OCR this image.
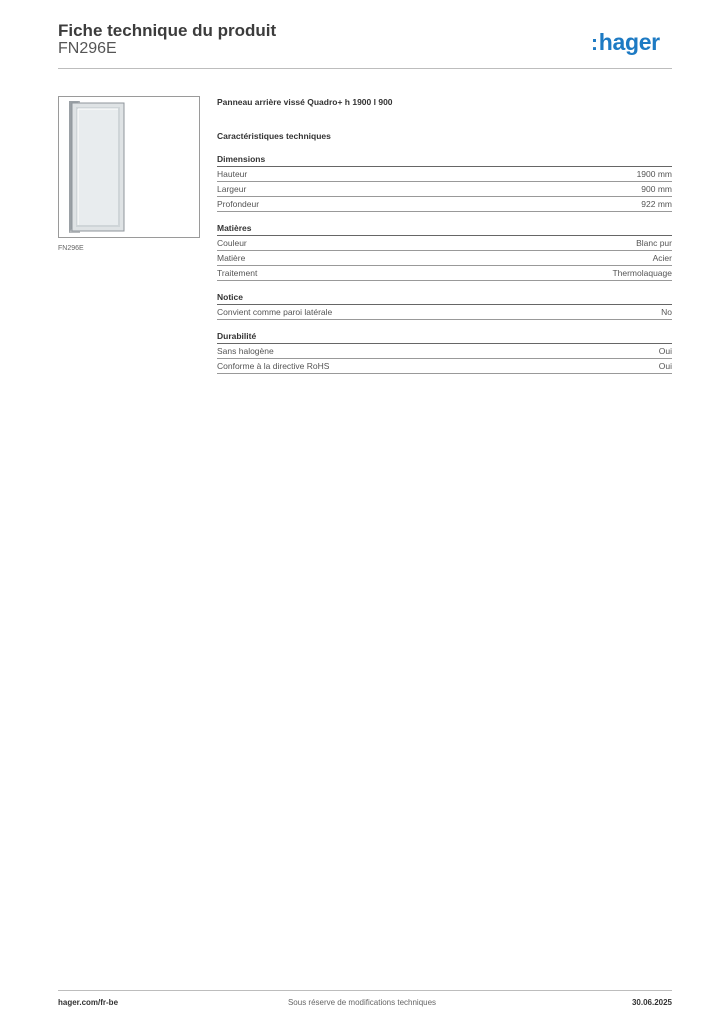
Fiche technique du produit
FN296E	:hager
FN296E
Panneau arrière vissé Quadro+ h 1900 l 900
Caractéristiques techniques
Dimensions
Hauteur	1900 mm
Largeur	900 mm
Profondeur	922 mm
Matières
Couleur	Blanc pur
Matière	Acier
Traitement	Thermolaquage
Notice
Convient comme paroi latérale	No
Durabilité
Sans halogène	Oui
Conforme à la directive RoHS	Oui
hager.com/fr-be	Sous réserve de modifications techniques	30.06.2025
